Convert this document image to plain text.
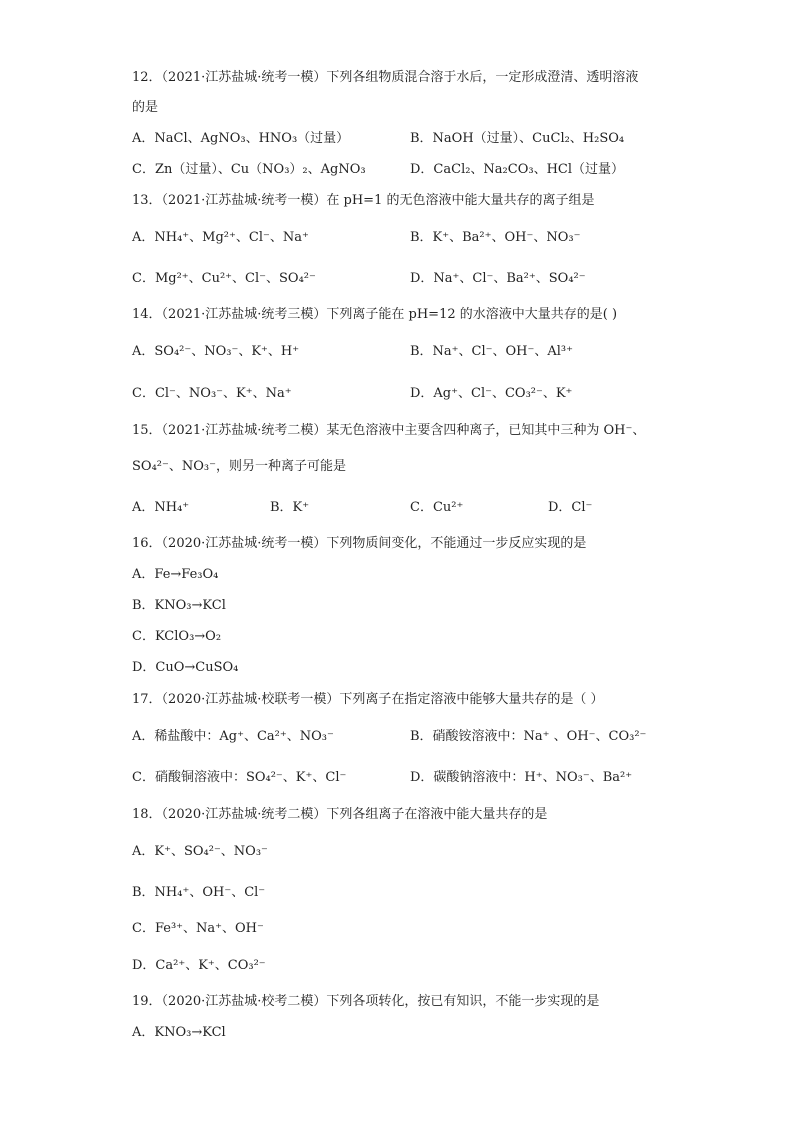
12．（2021·江苏盐城·统考一模）下列各组物质混合溶于水后，一定形成澄清、透明溶液
的是
A．NaCl、AgNO₃、HNO₃（过量）	B．NaOH（过量）、CuCl₂、H₂SO₄
C．Zn（过量）、Cu（NO₃）₂、AgNO₃	D．CaCl₂、Na₂CO₃、HCl（过量）
13．（2021·江苏盐城·统考一模）在 pH=1 的无色溶液中能大量共存的离子组是
A．NH₄⁺、Mg²⁺、Cl⁻、Na⁺	B．K⁺、Ba²⁺、OH⁻、NO₃⁻
C．Mg²⁺、Cu²⁺、Cl⁻、SO₄²⁻	D．Na⁺、Cl⁻、Ba²⁺、SO₄²⁻
14．（2021·江苏盐城·统考三模）下列离子能在 pH=12 的水溶液中大量共存的是( )
A．SO₄²⁻、NO₃⁻、K⁺、H⁺	B．Na⁺、Cl⁻、OH⁻、Al³⁺
C．Cl⁻、NO₃⁻、K⁺、Na⁺	D．Ag⁺、Cl⁻、CO₃²⁻、K⁺
15．（2021·江苏盐城·统考二模）某无色溶液中主要含四种离子，已知其中三种为 OH⁻、
SO₄²⁻、NO₃⁻，则另一种离子可能是
A．NH₄⁺	B．K⁺	C．Cu²⁺	D．Cl⁻
16．（2020·江苏盐城·统考一模）下列物质间变化，不能通过一步反应实现的是
A．Fe→Fe₃O₄
B．KNO₃→KCl
C．KClO₃→O₂
D．CuO→CuSO₄
17．（2020·江苏盐城·校联考一模）下列离子在指定溶液中能够大量共存的是（ ）
A．稀盐酸中：Ag⁺、Ca²⁺、NO₃⁻	B．硝酸铵溶液中：Na⁺ 、OH⁻、CO₃²⁻
C．硝酸铜溶液中：SO₄²⁻、K⁺、Cl⁻	D．碳酸钠溶液中：H⁺、NO₃⁻、Ba²⁺
18．（2020·江苏盐城·统考二模）下列各组离子在溶液中能大量共存的是
A．K⁺、SO₄²⁻、NO₃⁻
B．NH₄⁺、OH⁻、Cl⁻
C．Fe³⁺、Na⁺、OH⁻
D．Ca²⁺、K⁺、CO₃²⁻
19．（2020·江苏盐城·校考二模）下列各项转化，按已有知识，不能一步实现的是
A．KNO₃→KCl
